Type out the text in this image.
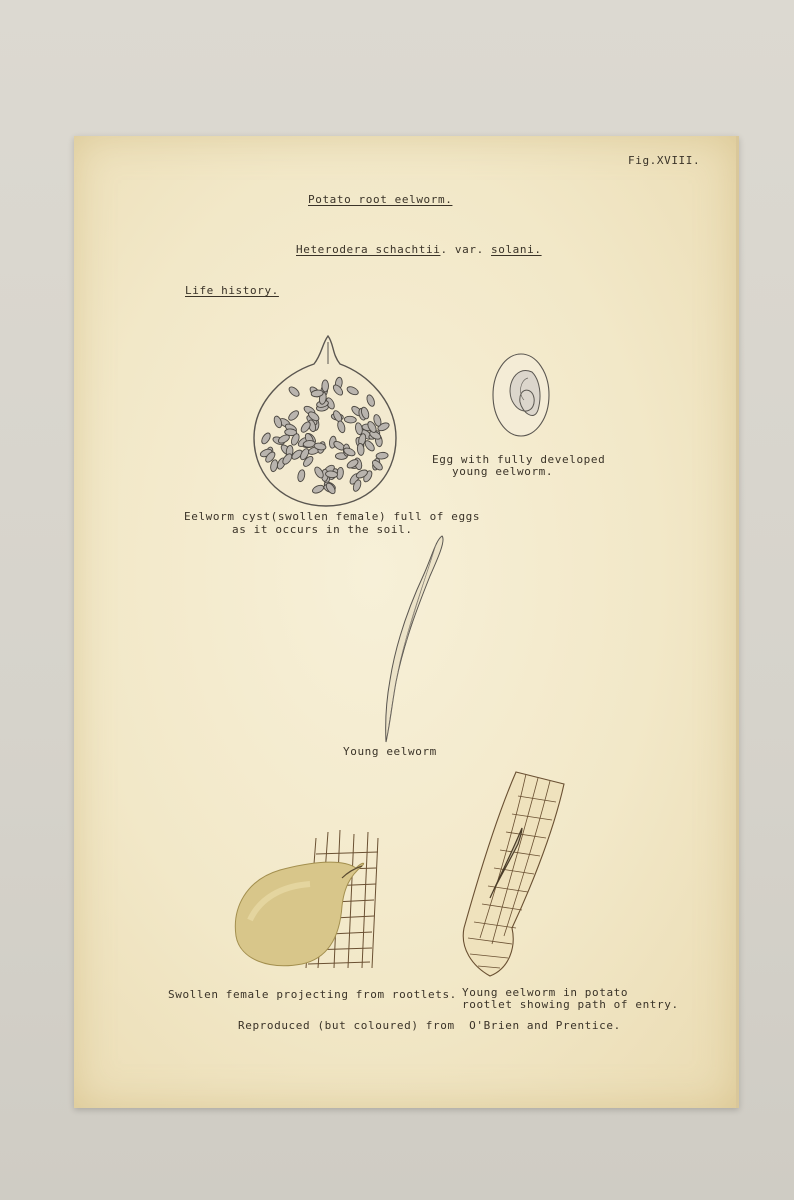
Fig.XVIII.

Potato root eelworm.

Heterodera schachtii. var. solani.

Life history.

Eelworm cyst(swollen female) full of eggs

as it occurs in the soil.

Egg with fully developed

young eelworm.

Young eelworm

Swollen female projecting from rootlets. Young eelworm in potato

rootlet showing path of entry.

Reproduced (but coloured) from  O'Brien and Prentice.
